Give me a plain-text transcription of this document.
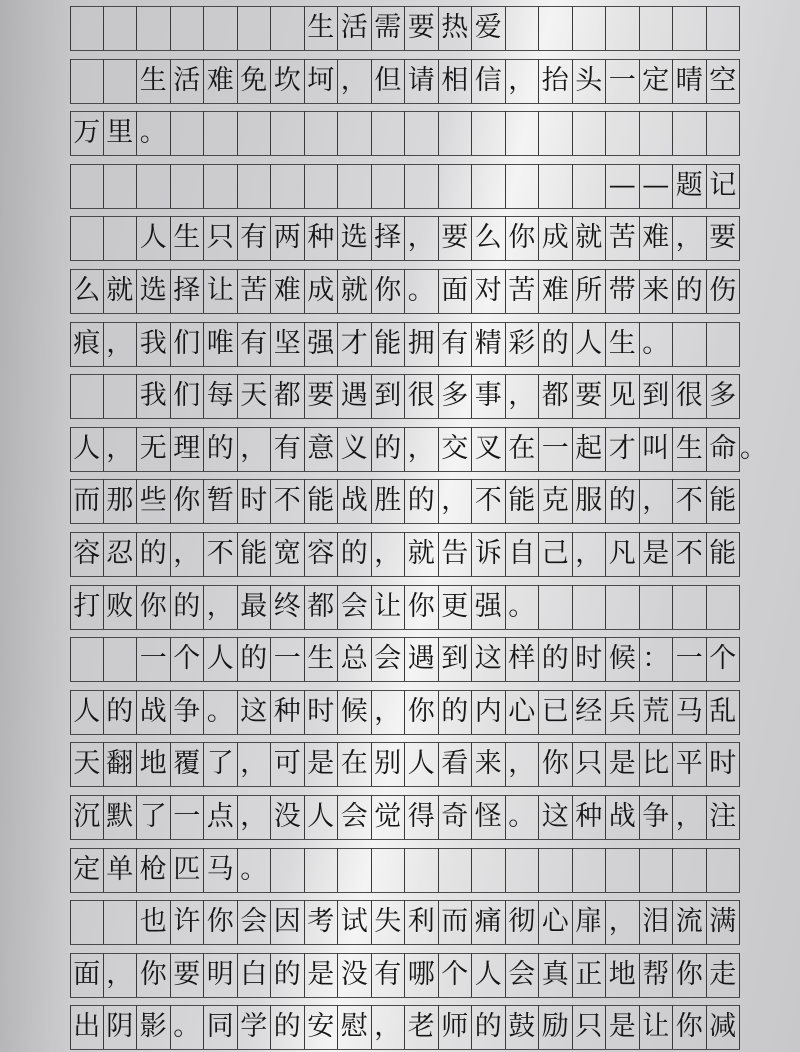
生 活 需 要 热 爱
生 活 难 免 坎 坷 ， 但 请 相 信 ， 抬 头 一 定 晴 空
万 里 。
— — 题 记
人 生 只 有 两 种 选 择 ， 要 么 你 成 就 苦 难 ， 要
么 就 选 择 让 苦 难 成 就 你 。 面 对 苦 难 所 带 来 的 伤
痕 ， 我 们 唯 有 坚 强 才 能 拥 有 精 彩 的 人 生 。
我 们 每 天 都 要 遇 到 很 多 事 ， 都 要 见 到 很 多
。
人 ， 无 理 的 ， 有 意 义 的 ， 交 叉 在 一 起 才 叫 生 命
而 那 些 你 暂 时 不 能 战 胜 的 ， 不 能 克 服 的 ， 不 能
容 忍 的 ， 不 能 宽 容 的 ， 就 告 诉 自 己 ， 凡 是 不 能
打 败 你 的 ， 最 终 都 会 让 你 更 强 。
一 个 人 的 一 生 总 会 遇 到 这 样 的 时 候 ： 一 个
人 的 战 争 。 这 种 时 候 ， 你 的 内 心 已 经 兵 荒 马 乱
天 翻 地 覆 了 ， 可 是 在 别 人 看 来 ， 你 只 是 比 平 时
沉 默 了 一 点 ， 没 人 会 觉 得 奇 怪 。 这 种 战 争 ， 注
定 单 枪 匹 马 。
也 许 你 会 因 考 试 失 利 而 痛 彻 心 扉 ， 泪 流 满
面 ， 你 要 明 白 的 是 没 有 哪 个 人 会 真 正 地 帮 你 走
出 阴 影 。 同 学 的 安 慰 ， 老 师 的 鼓 励 只 是 让 你 减
